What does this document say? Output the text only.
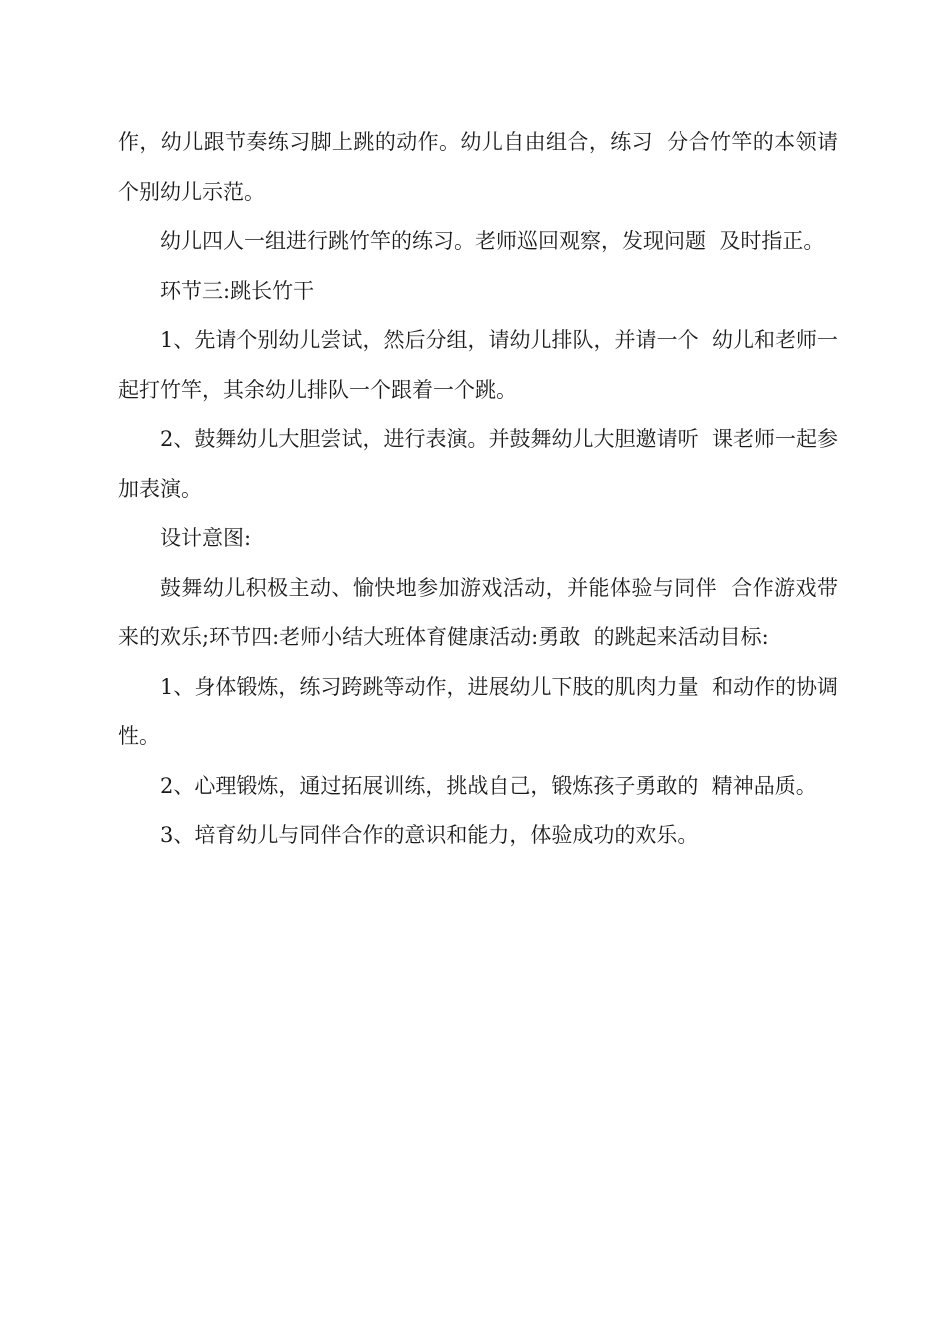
作，幼儿跟节奏练习脚上跳的动作。幼儿自由组合，练习  分合竹竿的本领请个别幼儿示范。

幼儿四人一组进行跳竹竿的练习。老师巡回观察，发现问题  及时指正。

环节三:跳长竹干

1、先请个别幼儿尝试，然后分组，请幼儿排队，并请一个  幼儿和老师一起打竹竿，其余幼儿排队一个跟着一个跳。

2、鼓舞幼儿大胆尝试，进行表演。并鼓舞幼儿大胆邀请听  课老师一起参加表演。

设计意图:

鼓舞幼儿积极主动、愉快地参加游戏活动，并能体验与同伴  合作游戏带来的欢乐;环节四:老师小结大班体育健康活动:勇敢  的跳起来活动目标:

1、身体锻炼，练习跨跳等动作，进展幼儿下肢的肌肉力量  和动作的协调性。

2、心理锻炼，通过拓展训练，挑战自己，锻炼孩子勇敢的  精神品质。

3、培育幼儿与同伴合作的意识和能力，体验成功的欢乐。
